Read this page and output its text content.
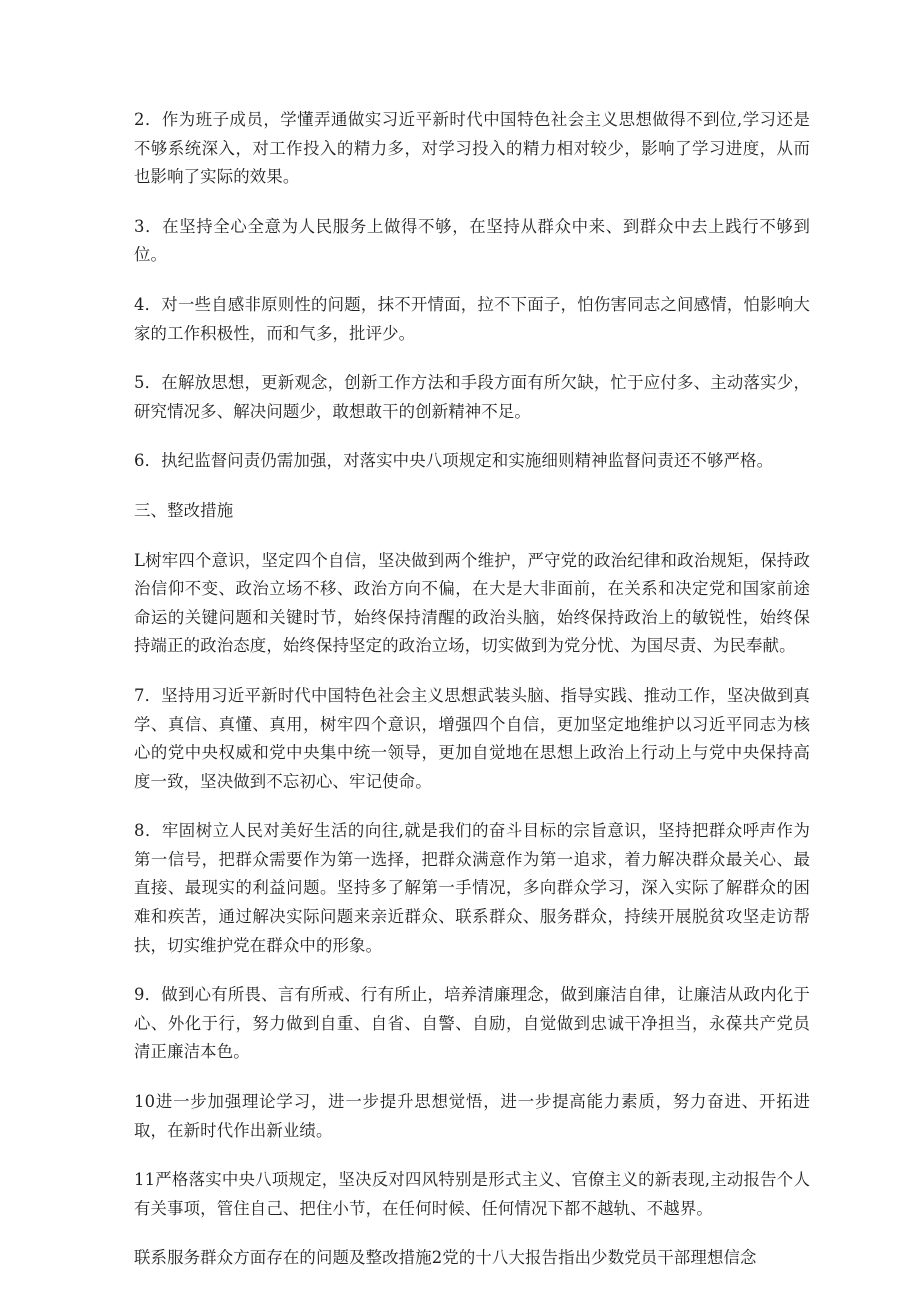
2．作为班子成员，学懂弄通做实习近平新时代中国特色社会主义思想做得不到位,学习还是不够系统深入，对工作投入的精力多，对学习投入的精力相对较少，影响了学习进度，从而也影响了实际的效果。

3．在坚持全心全意为人民服务上做得不够，在坚持从群众中来、到群众中去上践行不够到位。

4．对一些自感非原则性的问题，抹不开情面，拉不下面子，怕伤害同志之间感情，怕影响大家的工作积极性，而和气多，批评少。

5．在解放思想，更新观念，创新工作方法和手段方面有所欠缺，忙于应付多、主动落实少，研究情况多、解决问题少，敢想敢干的创新精神不足。

6．执纪监督问责仍需加强，对落实中央八项规定和实施细则精神监督问责还不够严格。

三、整改措施

L树牢四个意识，坚定四个自信，坚决做到两个维护，严守党的政治纪律和政治规矩，保持政治信仰不变、政治立场不移、政治方向不偏，在大是大非面前，在关系和决定党和国家前途命运的关键问题和关键时节，始终保持清醒的政治头脑，始终保持政治上的敏锐性，始终保持端正的政治态度，始终保持坚定的政治立场，切实做到为党分忧、为国尽责、为民奉献。

7．坚持用习近平新时代中国特色社会主义思想武装头脑、指导实践、推动工作，坚决做到真学、真信、真懂、真用，树牢四个意识，增强四个自信，更加坚定地维护以习近平同志为核心的党中央权威和党中央集中统一领导，更加自觉地在思想上政治上行动上与党中央保持高度一致，坚决做到不忘初心、牢记使命。

8．牢固树立人民对美好生活的向往,就是我们的奋斗目标的宗旨意识，坚持把群众呼声作为第一信号，把群众需要作为第一选择，把群众满意作为第一追求，着力解决群众最关心、最直接、最现实的利益问题。坚持多了解第一手情况，多向群众学习，深入实际了解群众的困难和疾苦，通过解决实际问题来亲近群众、联系群众、服务群众，持续开展脱贫攻坚走访帮扶，切实维护党在群众中的形象。

9．做到心有所畏、言有所戒、行有所止，培养清廉理念，做到廉洁自律，让廉洁从政内化于心、外化于行，努力做到自重、自省、自警、自励，自觉做到忠诚干净担当，永葆共产党员清正廉洁本色。

10进一步加强理论学习，进一步提升思想觉悟，进一步提高能力素质，努力奋进、开拓进取，在新时代作出新业绩。

11严格落实中央八项规定，坚决反对四风特别是形式主义、官僚主义的新表现,主动报告个人有关事项，管住自己、把住小节，在任何时候、任何情况下都不越轨、不越界。

联系服务群众方面存在的问题及整改措施2党的十八大报告指出少数党员干部理想信念
